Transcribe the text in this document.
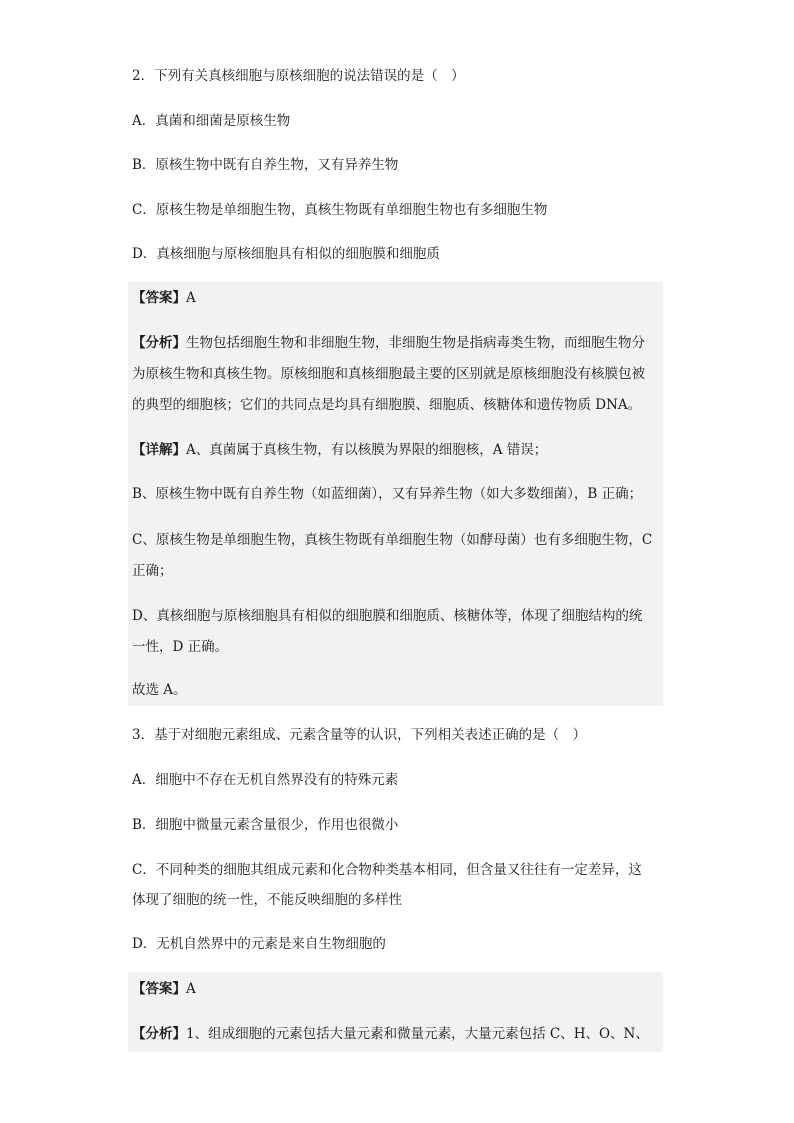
2．下列有关真核细胞与原核细胞的说法错误的是（　）
A．真菌和细菌是原核生物
B．原核生物中既有自养生物，又有异养生物
C．原核生物是单细胞生物，真核生物既有单细胞生物也有多细胞生物
D．真核细胞与原核细胞具有相似的细胞膜和细胞质
【答案】A
【分析】生物包括细胞生物和非细胞生物，非细胞生物是指病毒类生物，而细胞生物分
为原核生物和真核生物。原核细胞和真核细胞最主要的区别就是原核细胞没有核膜包被
的典型的细胞核；它们的共同点是均具有细胞膜、细胞质、核糖体和遗传物质 DNA。
【详解】A、真菌属于真核生物，有以核膜为界限的细胞核，A 错误；
B、原核生物中既有自养生物（如蓝细菌），又有异养生物（如大多数细菌），B 正确；
C、原核生物是单细胞生物，真核生物既有单细胞生物（如酵母菌）也有多细胞生物，C
正确；
D、真核细胞与原核细胞具有相似的细胞膜和细胞质、核糖体等，体现了细胞结构的统
一性，D 正确。
故选 A。
3．基于对细胞元素组成、元素含量等的认识，下列相关表述正确的是（　）
A．细胞中不存在无机自然界没有的特殊元素
B．细胞中微量元素含量很少，作用也很微小
C．不同种类的细胞其组成元素和化合物种类基本相同，但含量又往往有一定差异，这
体现了细胞的统一性，不能反映细胞的多样性
D．无机自然界中的元素是来自生物细胞的
【答案】A
【分析】1、组成细胞的元素包括大量元素和微量元素，大量元素包括 C、H、O、N、
